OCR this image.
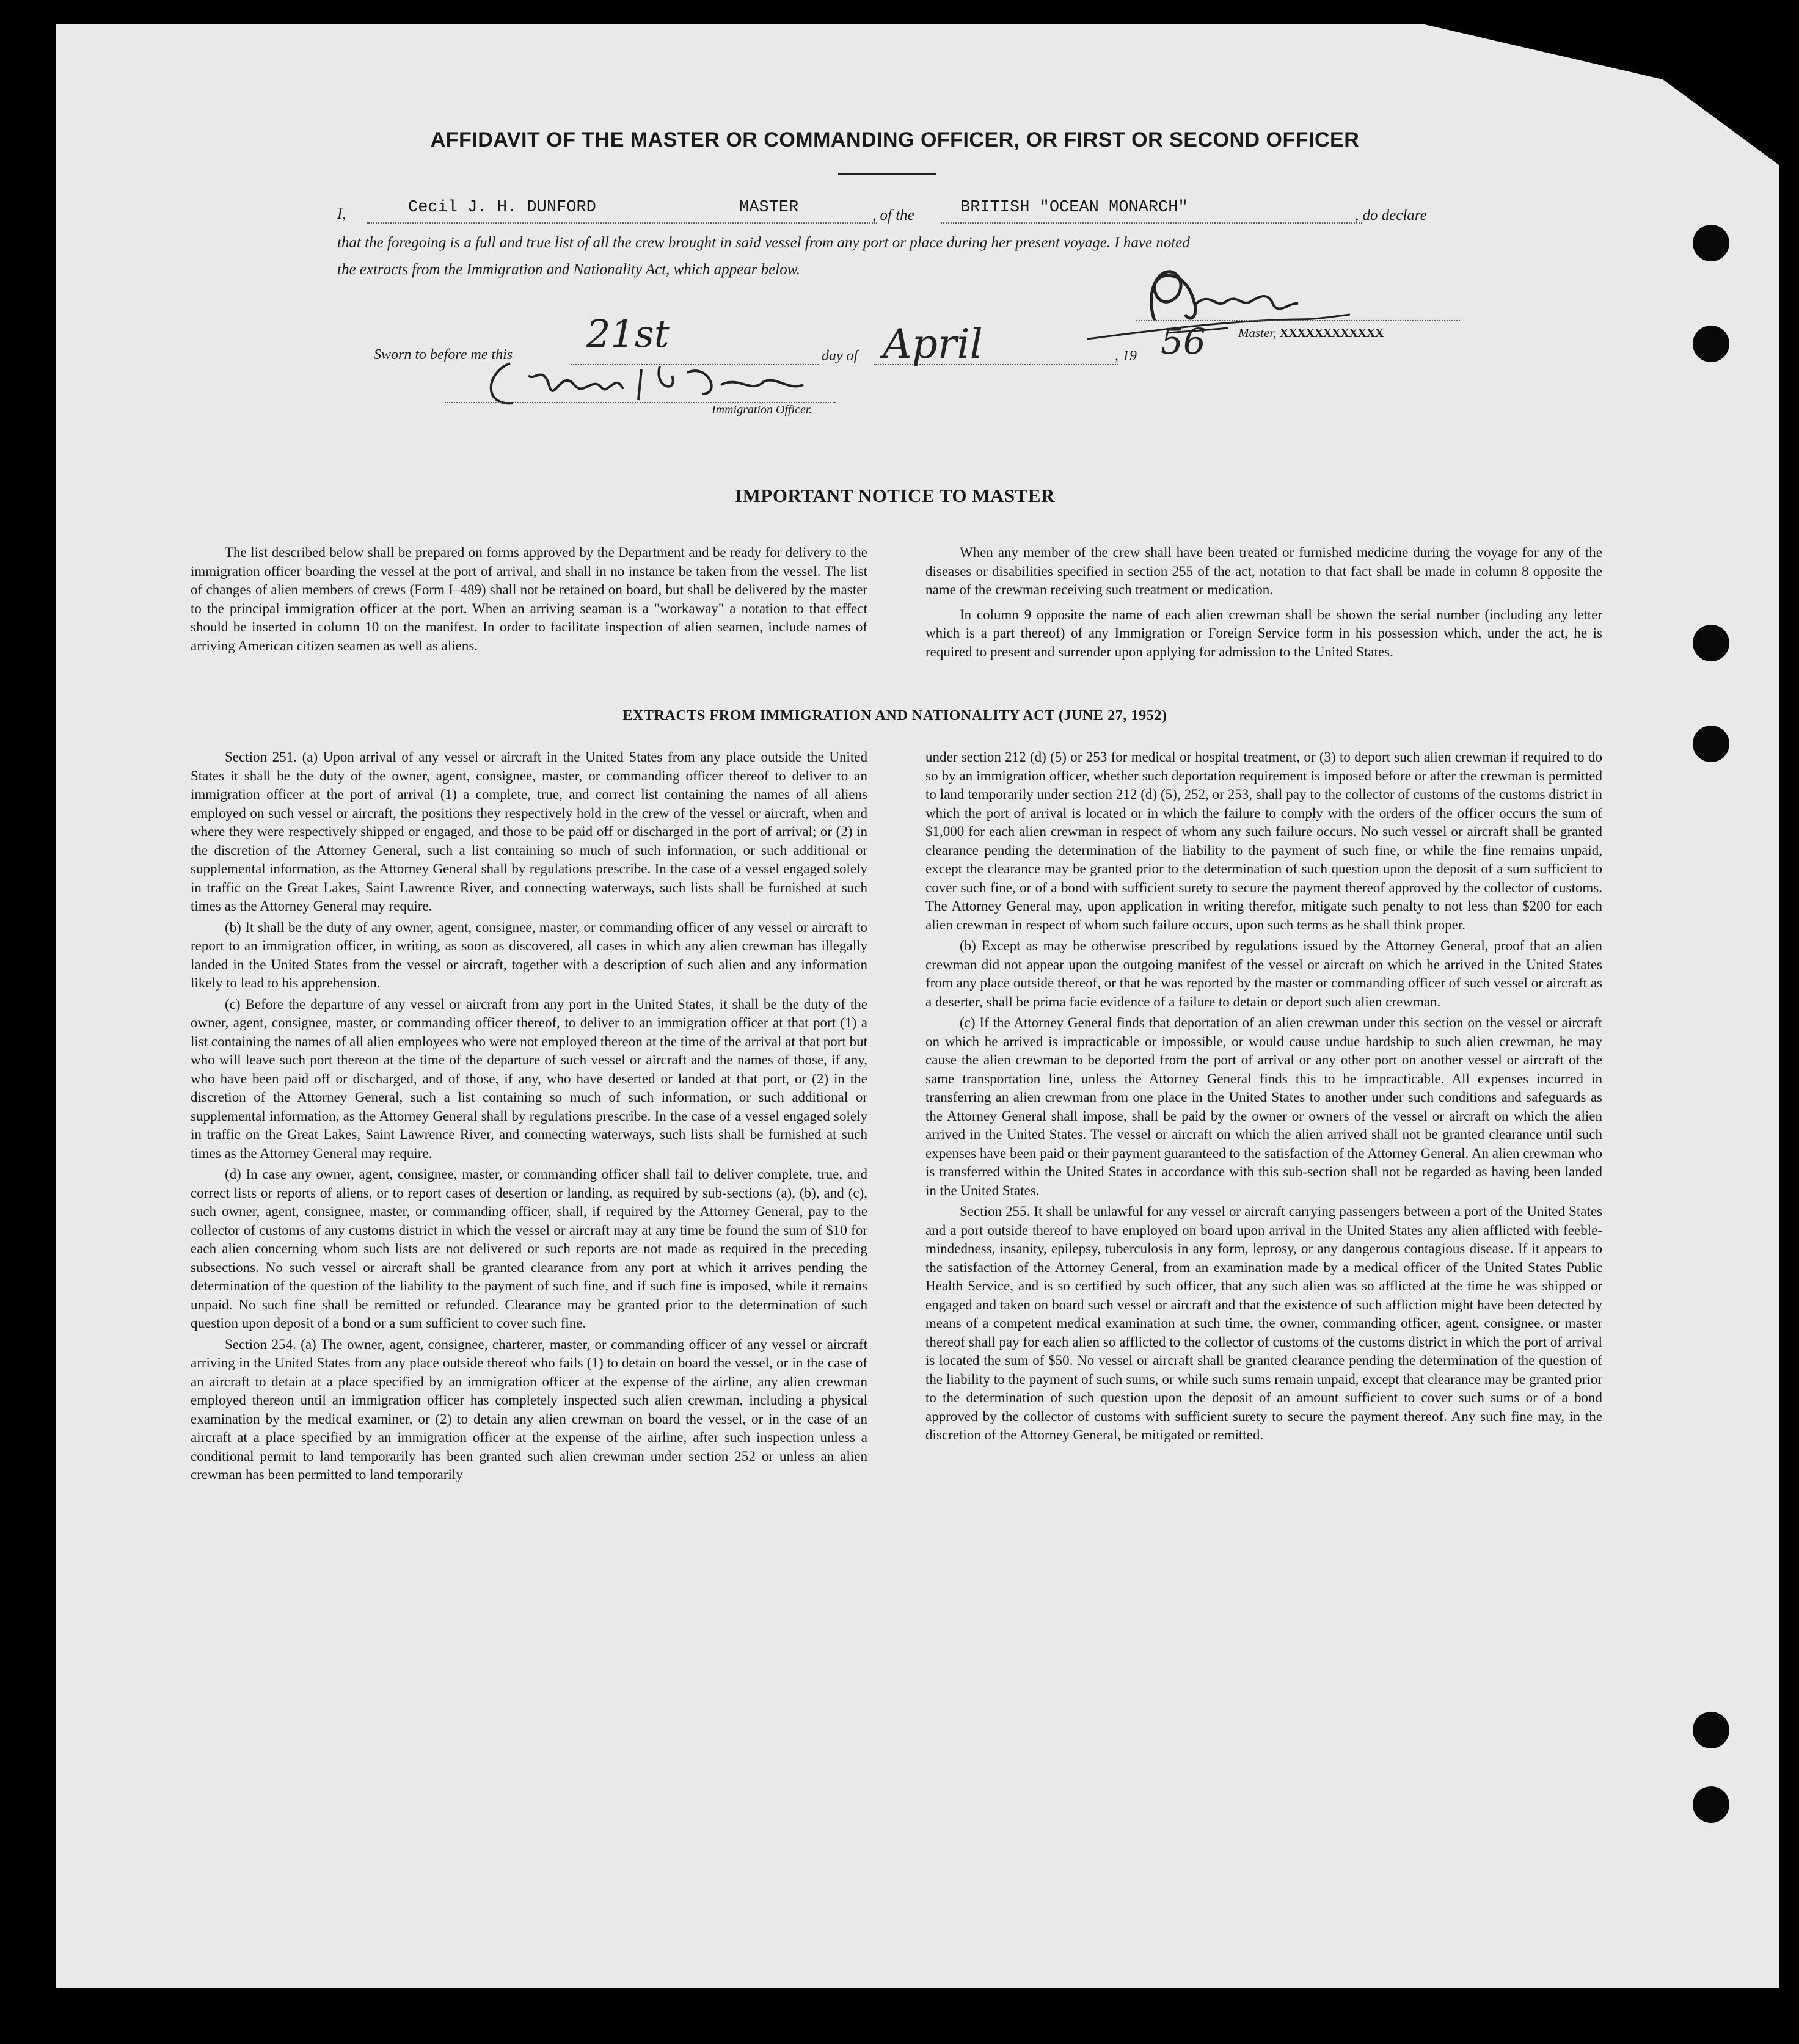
AFFIDAVIT OF THE MASTER OR COMMANDING OFFICER, OR FIRST OR SECOND OFFICER
I,	Cecil J. H. DUNFORD	MASTER	, of the	BRITISH "OCEAN MONARCH"	, do declare
that the foregoing is a full and true list of all the crew brought in said vessel from any port or place during her present voyage. I have noted
the extracts from the Immigration and Nationality Act, which appear below.
Sworn to before me this 21st	day of April	, 19 56	Master, XXXXXXXXXXXX
Immigration Officer.
IMPORTANT NOTICE TO MASTER

The list described below shall be prepared on forms approved by the Department and be ready for delivery to the immigration officer boarding the vessel at the port of arrival, and shall in no instance be taken from the vessel. The list of changes of alien members of crews (Form I–489) shall not be retained on board, but shall be delivered by the master to the principal immigration officer at the port. When an arriving seaman is a "workaway" a notation to that effect should be inserted in column 10 on the manifest. In order to facilitate inspection of alien seamen, include names of arriving American citizen seamen as well as aliens.

When any member of the crew shall have been treated or furnished medicine during the voyage for any of the diseases or disabilities specified in section 255 of the act, notation to that fact shall be made in column 8 opposite the name of the crewman receiving such treatment or medication.

In column 9 opposite the name of each alien crewman shall be shown the serial number (including any letter which is a part thereof) of any Immigration or Foreign Service form in his possession which, under the act, he is required to present and surrender upon applying for admission to the United States.

EXTRACTS FROM IMMIGRATION AND NATIONALITY ACT (JUNE 27, 1952)

Section 251. (a) Upon arrival of any vessel or aircraft in the United States from any place outside the United States it shall be the duty of the owner, agent, consignee, master, or commanding officer thereof to deliver to an immigration officer at the port of arrival (1) a complete, true, and correct list containing the names of all aliens employed on such vessel or aircraft, the positions they respectively hold in the crew of the vessel or aircraft, when and where they were respectively shipped or engaged, and those to be paid off or discharged in the port of arrival; or (2) in the discretion of the Attorney General, such a list containing so much of such information, or such additional or supplemental information, as the Attorney General shall by regulations prescribe. In the case of a vessel engaged solely in traffic on the Great Lakes, Saint Lawrence River, and connecting waterways, such lists shall be furnished at such times as the Attorney General may require.

(b) It shall be the duty of any owner, agent, consignee, master, or commanding officer of any vessel or aircraft to report to an immigration officer, in writing, as soon as discovered, all cases in which any alien crewman has illegally landed in the United States from the vessel or aircraft, together with a description of such alien and any information likely to lead to his apprehension.

(c) Before the departure of any vessel or aircraft from any port in the United States, it shall be the duty of the owner, agent, consignee, master, or commanding officer thereof, to deliver to an immigration officer at that port (1) a list containing the names of all alien employees who were not employed thereon at the time of the arrival at that port but who will leave such port thereon at the time of the departure of such vessel or aircraft and the names of those, if any, who have been paid off or discharged, and of those, if any, who have deserted or landed at that port, or (2) in the discretion of the Attorney General, such a list containing so much of such information, or such additional or supplemental information, as the Attorney General shall by regulations prescribe. In the case of a vessel engaged solely in traffic on the Great Lakes, Saint Lawrence River, and connecting waterways, such lists shall be furnished at such times as the Attorney General may require.

(d) In case any owner, agent, consignee, master, or commanding officer shall fail to deliver complete, true, and correct lists or reports of aliens, or to report cases of desertion or landing, as required by sub-sections (a), (b), and (c), such owner, agent, consignee, master, or commanding officer, shall, if required by the Attorney General, pay to the collector of customs of any customs district in which the vessel or aircraft may at any time be found the sum of $10 for each alien concerning whom such lists are not delivered or such reports are not made as required in the preceding subsections. No such vessel or aircraft shall be granted clearance from any port at which it arrives pending the determination of the question of the liability to the payment of such fine, and if such fine is imposed, while it remains unpaid. No such fine shall be remitted or refunded. Clearance may be granted prior to the determination of such question upon deposit of a bond or a sum sufficient to cover such fine.

Section 254. (a) The owner, agent, consignee, charterer, master, or commanding officer of any vessel or aircraft arriving in the United States from any place outside thereof who fails (1) to detain on board the vessel, or in the case of an aircraft to detain at a place specified by an immigration officer at the expense of the airline, any alien crewman employed thereon until an immigration officer has completely inspected such alien crewman, including a physical examination by the medical examiner, or (2) to detain any alien crewman on board the vessel, or in the case of an aircraft at a place specified by an immigration officer at the expense of the airline, after such inspection unless a conditional permit to land temporarily has been granted such alien crewman under section 252 or unless an alien crewman has been permitted to land temporarily

under section 212 (d) (5) or 253 for medical or hospital treatment, or (3) to deport such alien crewman if required to do so by an immigration officer, whether such deportation requirement is imposed before or after the crewman is permitted to land temporarily under section 212 (d) (5), 252, or 253, shall pay to the collector of customs of the customs district in which the port of arrival is located or in which the failure to comply with the orders of the officer occurs the sum of $1,000 for each alien crewman in respect of whom any such failure occurs. No such vessel or aircraft shall be granted clearance pending the determination of the liability to the payment of such fine, or while the fine remains unpaid, except the clearance may be granted prior to the determination of such question upon the deposit of a sum sufficient to cover such fine, or of a bond with sufficient surety to secure the payment thereof approved by the collector of customs. The Attorney General may, upon application in writing therefor, mitigate such penalty to not less than $200 for each alien crewman in respect of whom such failure occurs, upon such terms as he shall think proper.

(b) Except as may be otherwise prescribed by regulations issued by the Attorney General, proof that an alien crewman did not appear upon the outgoing manifest of the vessel or aircraft on which he arrived in the United States from any place outside thereof, or that he was reported by the master or commanding officer of such vessel or aircraft as a deserter, shall be prima facie evidence of a failure to detain or deport such alien crewman.

(c) If the Attorney General finds that deportation of an alien crewman under this section on the vessel or aircraft on which he arrived is impracticable or impossible, or would cause undue hardship to such alien crewman, he may cause the alien crewman to be deported from the port of arrival or any other port on another vessel or aircraft of the same transportation line, unless the Attorney General finds this to be impracticable. All expenses incurred in transferring an alien crewman from one place in the United States to another under such conditions and safeguards as the Attorney General shall impose, shall be paid by the owner or owners of the vessel or aircraft on which the alien arrived in the United States. The vessel or aircraft on which the alien arrived shall not be granted clearance until such expenses have been paid or their payment guaranteed to the satisfaction of the Attorney General. An alien crewman who is transferred within the United States in accordance with this sub-section shall not be regarded as having been landed in the United States.

Section 255. It shall be unlawful for any vessel or aircraft carrying passengers between a port of the United States and a port outside thereof to have employed on board upon arrival in the United States any alien afflicted with feeble-mindedness, insanity, epilepsy, tuberculosis in any form, leprosy, or any dangerous contagious disease. If it appears to the satisfaction of the Attorney General, from an examination made by a medical officer of the United States Public Health Service, and is so certified by such officer, that any such alien was so afflicted at the time he was shipped or engaged and taken on board such vessel or aircraft and that the existence of such affliction might have been detected by means of a competent medical examination at such time, the owner, commanding officer, agent, consignee, or master thereof shall pay for each alien so afflicted to the collector of customs of the customs district in which the port of arrival is located the sum of $50. No vessel or aircraft shall be granted clearance pending the determination of the question of the liability to the payment of such sums, or while such sums remain unpaid, except that clearance may be granted prior to the determination of such question upon the deposit of an amount sufficient to cover such sums or of a bond approved by the collector of customs with sufficient surety to secure the payment thereof. Any such fine may, in the discretion of the Attorney General, be mitigated or remitted.
